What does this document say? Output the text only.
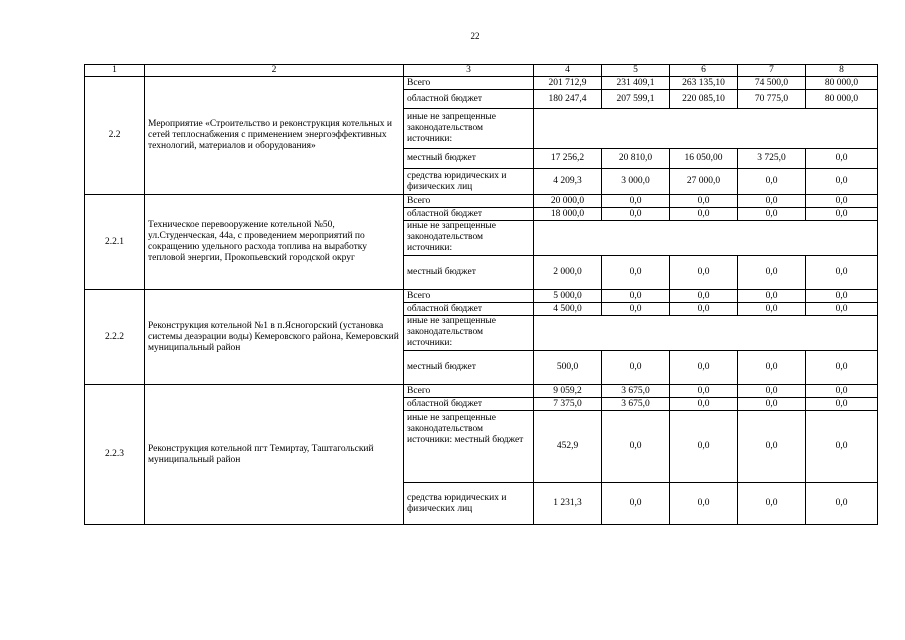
22
1	2	3	4	5	6	7	8
2.2	Мероприятие «Строительство и реконструкция котельных и сетей теплоснабжения с применением энергоэффективных технологий, материалов и оборудования»	Всего	201 712,9	231 409,1	263 135,10	74 500,0	80 000,0
		областной бюджет	180 247,4	207 599,1	220 085,10	70 775,0	80 000,0
		иные не запрещенные законодательством источники:					
		местный бюджет	17 256,2	20 810,0	16 050,00	3 725,0	0,0
		средства юридических и физических лиц	4 209,3	3 000,0	27 000,0	0,0	0,0
2.2.1	Техническое перевооружение котельной №50, ул.Студенческая, 44а, с проведением мероприятий по сокращению удельного расхода топлива на выработку тепловой энергии, Прокопьевский городской округ	Всего	20 000,0	0,0	0,0	0,0	0,0
		областной бюджет	18 000,0	0,0	0,0	0,0	0,0
		иные не запрещенные законодательством источники:					
		местный бюджет	2 000,0	0,0	0,0	0,0	0,0
2.2.2	Реконструкция котельной №1 в п.Ясногорский (установка системы деаэрации воды) Кемеровского района, Кемеровский муниципальный район	Всего	5 000,0	0,0	0,0	0,0	0,0
		областной бюджет	4 500,0	0,0	0,0	0,0	0,0
		иные не запрещенные законодательством источники:					
		местный бюджет	500,0	0,0	0,0	0,0	0,0
2.2.3	Реконструкция котельной пгт Темиртау, Таштагольский муниципальный район	Всего	9 059,2	3 675,0	0,0	0,0	0,0
		областной бюджет	7 375,0	3 675,0	0,0	0,0	0,0
		иные не запрещенные законодательством источники: местный бюджет	452,9	0,0	0,0	0,0	0,0
		средства юридических и физических лиц	1 231,3	0,0	0,0	0,0	0,0
